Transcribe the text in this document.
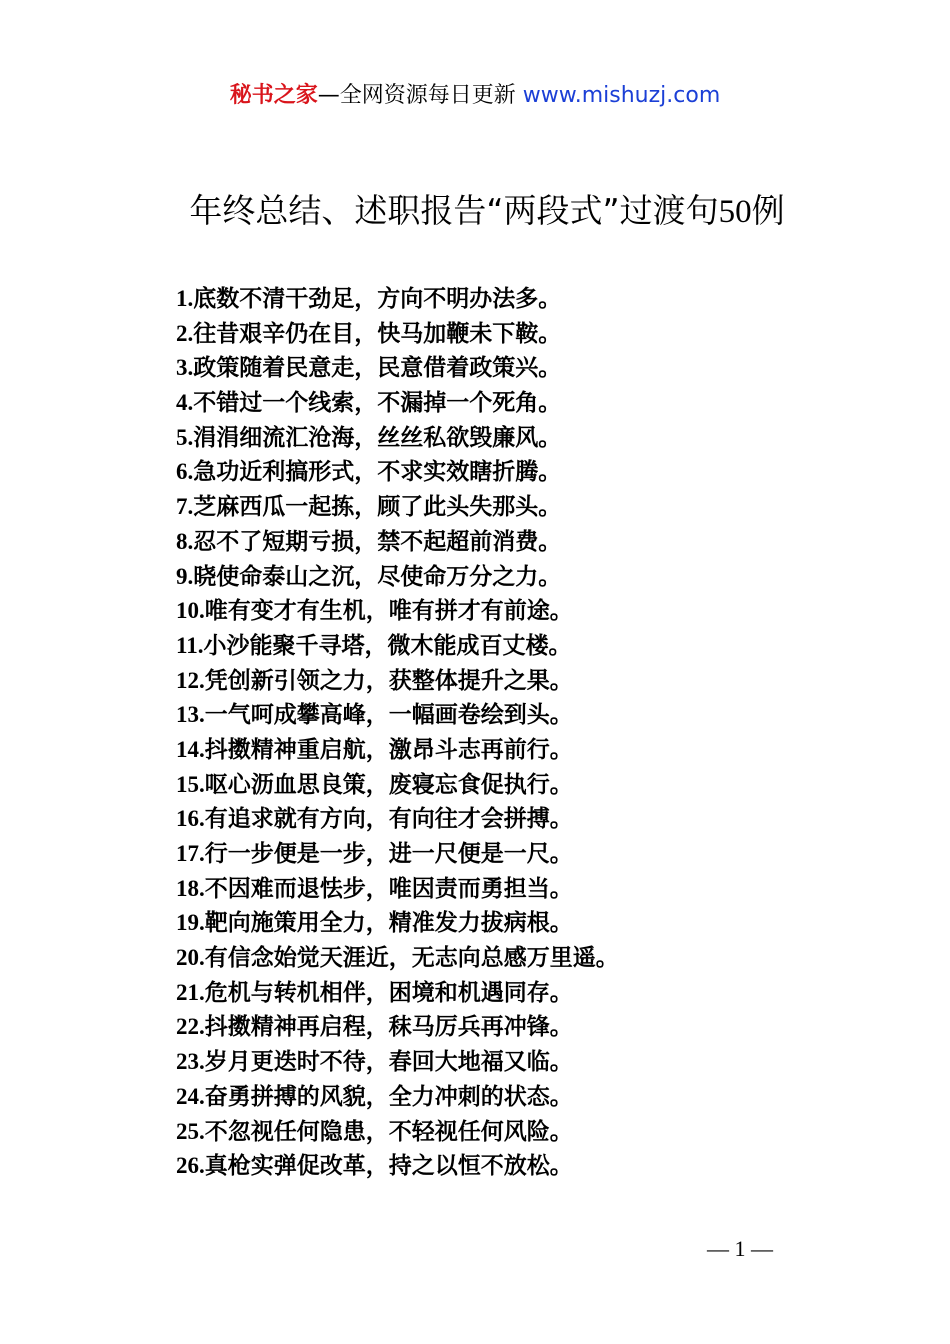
秘书之家—全网资源每日更新 www.mishuzj.com
年终总结、述职报告“两段式”过渡句50例
1.底数不清干劲足，方向不明办法多。
2.往昔艰辛仍在目，快马加鞭未下鞍。
3.政策随着民意走，民意借着政策兴。
4.不错过一个线索，不漏掉一个死角。
5.涓涓细流汇沧海，丝丝私欲毁廉风。
6.急功近利搞形式，不求实效瞎折腾。
7.芝麻西瓜一起拣，顾了此头失那头。
8.忍不了短期亏损，禁不起超前消费。
9.晓使命泰山之沉，尽使命万分之力。
10.唯有变才有生机，唯有拼才有前途。
11.小沙能聚千寻塔，微木能成百丈楼。
12.凭创新引领之力，获整体提升之果。
13.一气呵成攀高峰，一幅画卷绘到头。
14.抖擞精神重启航，激昂斗志再前行。
15.呕心沥血思良策，废寝忘食促执行。
16.有追求就有方向，有向往才会拼搏。
17.行一步便是一步，进一尺便是一尺。
18.不因难而退怯步，唯因责而勇担当。
19.靶向施策用全力，精准发力拔病根。
20.有信念始觉天涯近，无志向总感万里遥。
21.危机与转机相伴，困境和机遇同存。
22.抖擞精神再启程，秣马厉兵再冲锋。
23.岁月更迭时不待，春回大地福又临。
24.奋勇拼搏的风貌，全力冲刺的状态。
25.不忽视任何隐患，不轻视任何风险。
26.真枪实弹促改革，持之以恒不放松。
— 1 —
